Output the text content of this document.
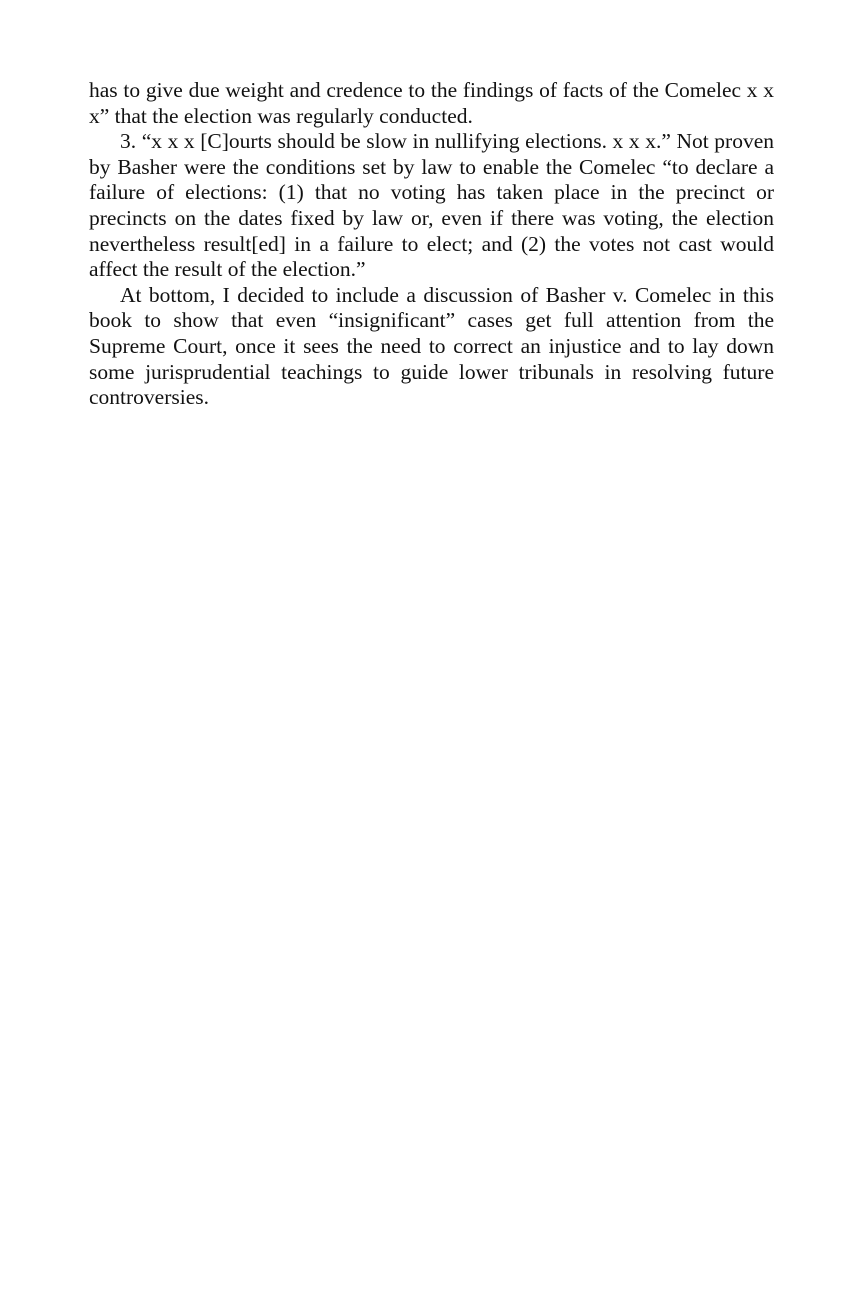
has to give due weight and credence to the findings of facts of the Comelec x x x” that the election was regularly conducted.

3. “x x x [C]ourts should be slow in nullifying elections. x x x.” Not proven by Basher were the conditions set by law to enable the Comelec “to declare a failure of elections: (1) that no voting has taken place in the precinct or precincts on the dates fixed by law or, even if there was voting, the election nevertheless result[ed] in a failure to elect; and (2) the votes not cast would affect the result of the election.”

At bottom, I decided to include a discussion of Basher v. Comelec in this book to show that even “insignificant” cases get full attention from the Supreme Court, once it sees the need to correct an injustice and to lay down some jurisprudential teachings to guide lower tribunals in resolving future controversies.
